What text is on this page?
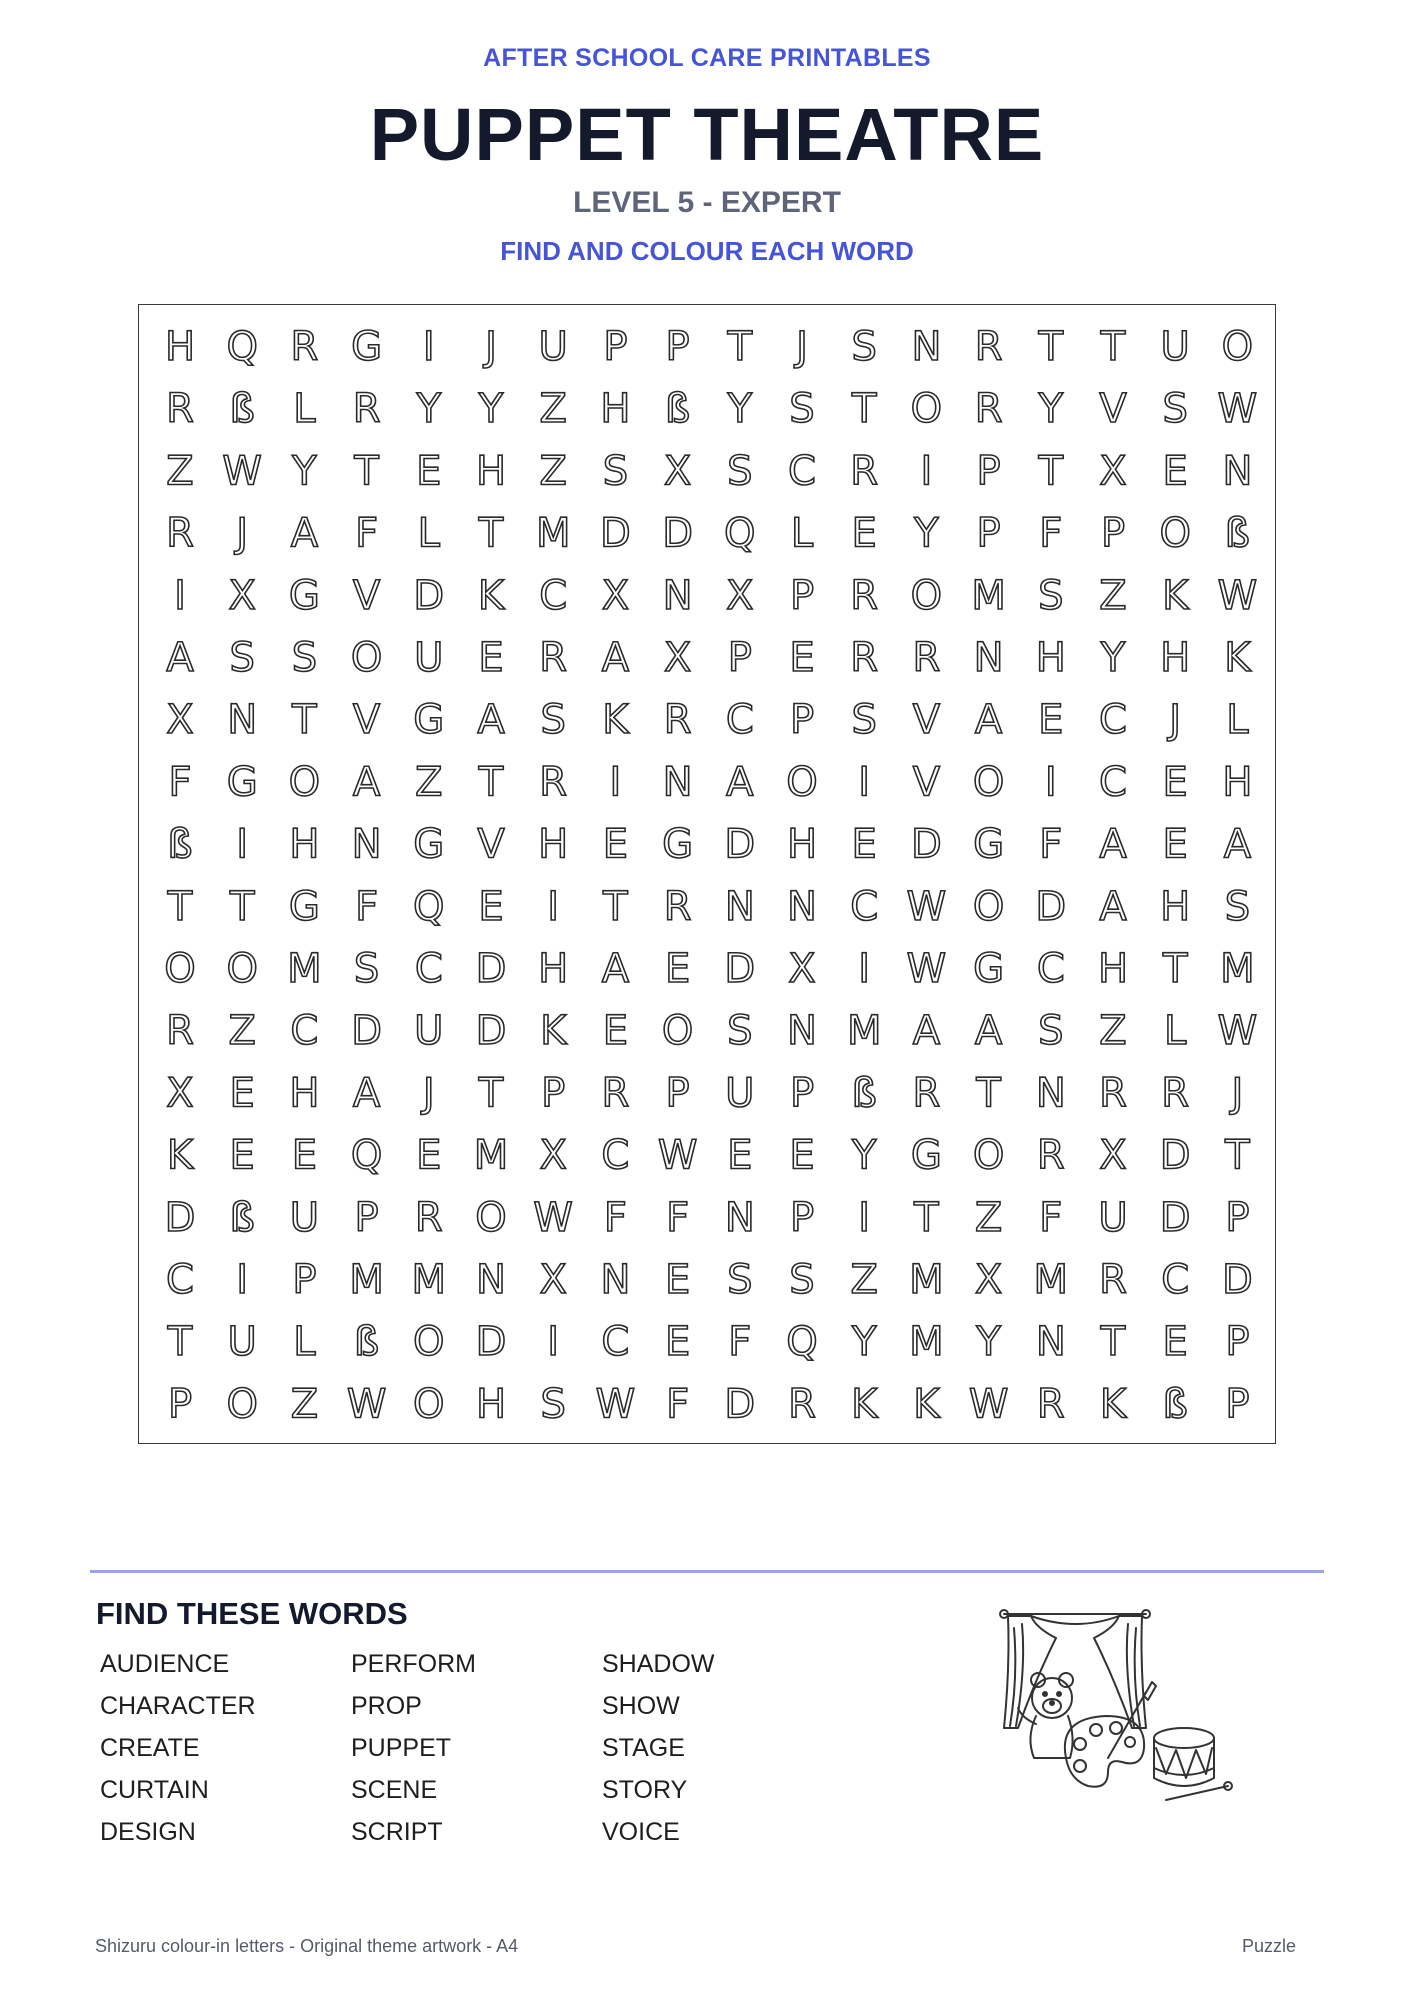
AFTER SCHOOL CARE PRINTABLES
PUPPET THEATRE
LEVEL 5 - EXPERT
FIND AND COLOUR EACH WORD
H Q R G I J U P P T J S N R T T U O
R ß L R Y Y Z H ß Y S T O R Y V S W
Z W Y T E H Z S X S C R I P T X E N
R J A F L T M D D Q L E Y P F P O ß
I X G V D K C X N X P R O M S Z K W
A S S O U E R A X P E R R N H Y H K
X N T V G A S K R C P S V A E C J L
F G O A Z T R I N A O I V O I C E H
ß I H N G V H E G D H E D G F A E A
T T G F Q E I T R N N C W O D A H S
O O M S C D H A E D X I W G C H T M
R Z C D U D K E O S N M A A S Z L W
X E H A J T P R P U P ß R T N R R J
K E E Q E M X C W E E Y G O R X D T
D ß U P R O W F F N P I T Z F U D P
C I P M M N X N E S S Z M X M R C D
T U L ß O D I C E F Q Y M Y N T E P
P O Z W O H S W F D R K K W R K ß P
FIND THESE WORDS
AUDIENCE
CHARACTER
CREATE
CURTAIN
DESIGN
PERFORM
PROP
PUPPET
SCENE
SCRIPT
SHADOW
SHOW
STAGE
STORY
VOICE
Shizuru colour-in letters - Original theme artwork - A4	Puzzle
